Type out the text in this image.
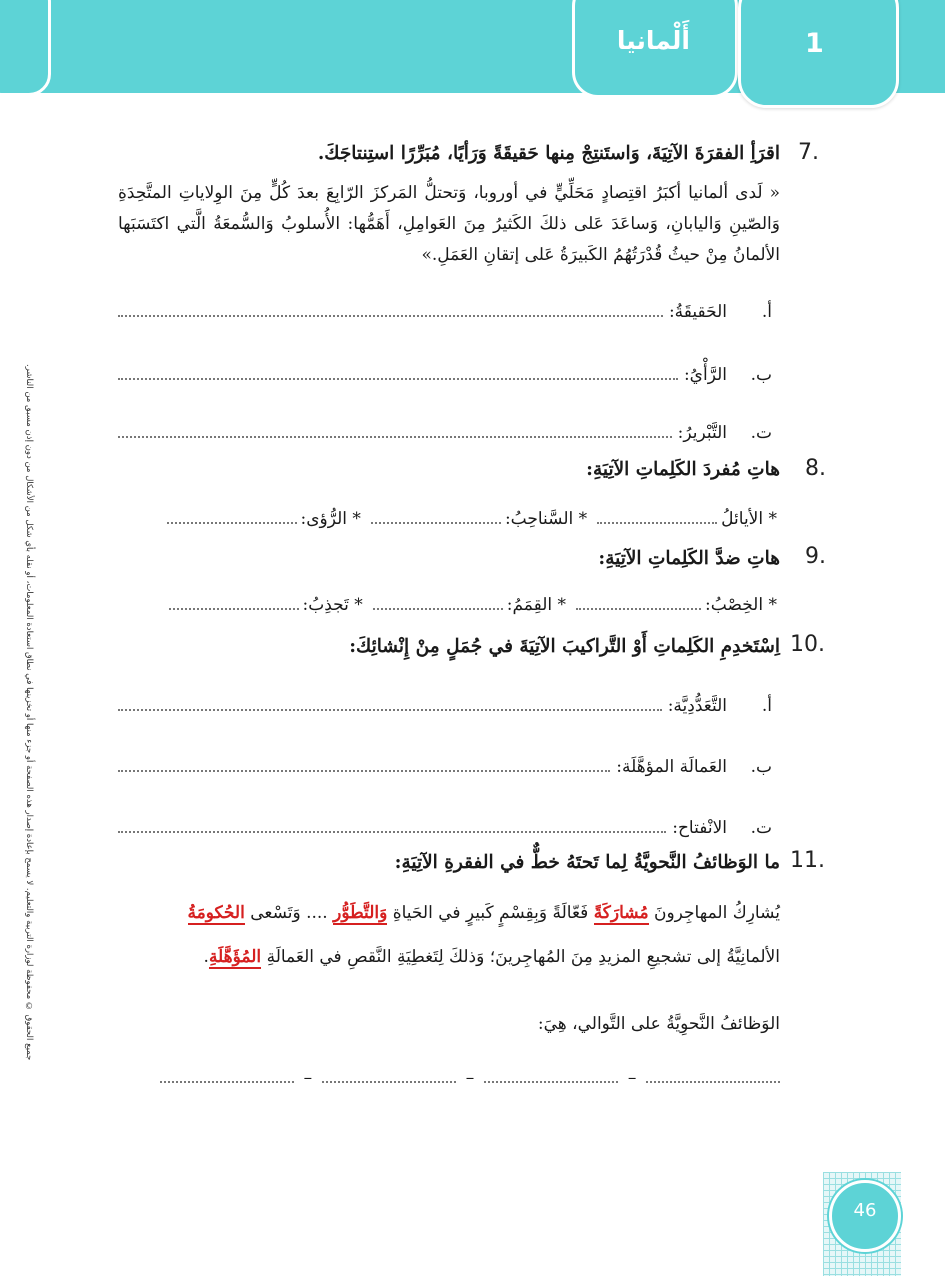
أَلْمانيا	1
جميع الحقوق © محفوظة لوزارة التربية والتعليم. لا يسمح بإعادة إصدار هذه الصفحة أو جزء منها أو تخزينها في نطاق استعادة المعلومات، أو نقله بأي شكل من الأشكال من دون إذن مسبق من الناشر.
7.
اقرَأِ الفقرَةَ الآتِيَةَ، وَاستَنتِجْ مِنها حَقيقَةً وَرَأيًا، مُبَرِّرًا استِنتاجَكَ.
« لَدى ألمانيا أكبَرُ اقتِصادٍ مَحَلِّيٍّ في أوروبا، وَتحتلُّ المَركزَ الرّابِعَ بعدَ كُلٍّ مِنَ الوِلاياتِ المتَّحِدَةِ وَالصّينِ وَاليابانِ، وَساعَدَ عَلى ذلكَ الكَثيرُ مِنَ العَوامِلِ، أَهَمُّها: الأُسلوبُ وَالسُّمعَةُ الَّتي اكتَسَبَها الألمانُ مِنْ حيثُ قُدْرَتُهُمُ الكَبيرَةُ عَلى إتقانِ العَمَلِ.»
أ.
الحَقيقَةُ:
ب.
الرَّأْيُ:
ت.
التَّبْريرُ:
8.
هاتِ مُفردَ الكَلِماتِ الآتِيَةِ:
* الأيائلُ
* السَّناحِبُ:
* الرُّؤى:
9.
هاتِ ضدَّ الكَلِماتِ الآتِيَةِ:
* الخِصْبُ:
* القِمَمُ:
* تَجذِبُ:
10.
اِسْتَخدِمِ الكَلِماتِ أَوْ التَّراكيبَ الآتِيَةَ في جُمَلٍ مِنْ إِنْشائِكَ:
أ.
التَّعَدُّدِيَّة:
ب.
العَمالَة المؤهَّلَة:
ت.
الانْفتاح:
11.
ما الوَظائفُ النَّحويَّةُ لِما تَحتَهُ خطٌّ في الفقرةِ الآتِيَةِ:
يُشارِكُ المهاجِرونَ مُشارَكَةً فَعّالَةً وَبِقِسْمٍ كَبيرٍ في الحَياةِ وَالتَّطَوُّر .... وَتَسْعى الحُكومَةُ
الألمانِيَّةُ إلى تشجيعِ المزيدِ مِنَ المُهاجِرينَ؛ وَذلكَ لِتَغطِيَةِ النَّقصِ في العَمالَةِ المُؤَهَّلَةِ.
الوَظائفُ النَّحوِيَّةُ على التَّوالي، هِيَ:
–
–
–
46
